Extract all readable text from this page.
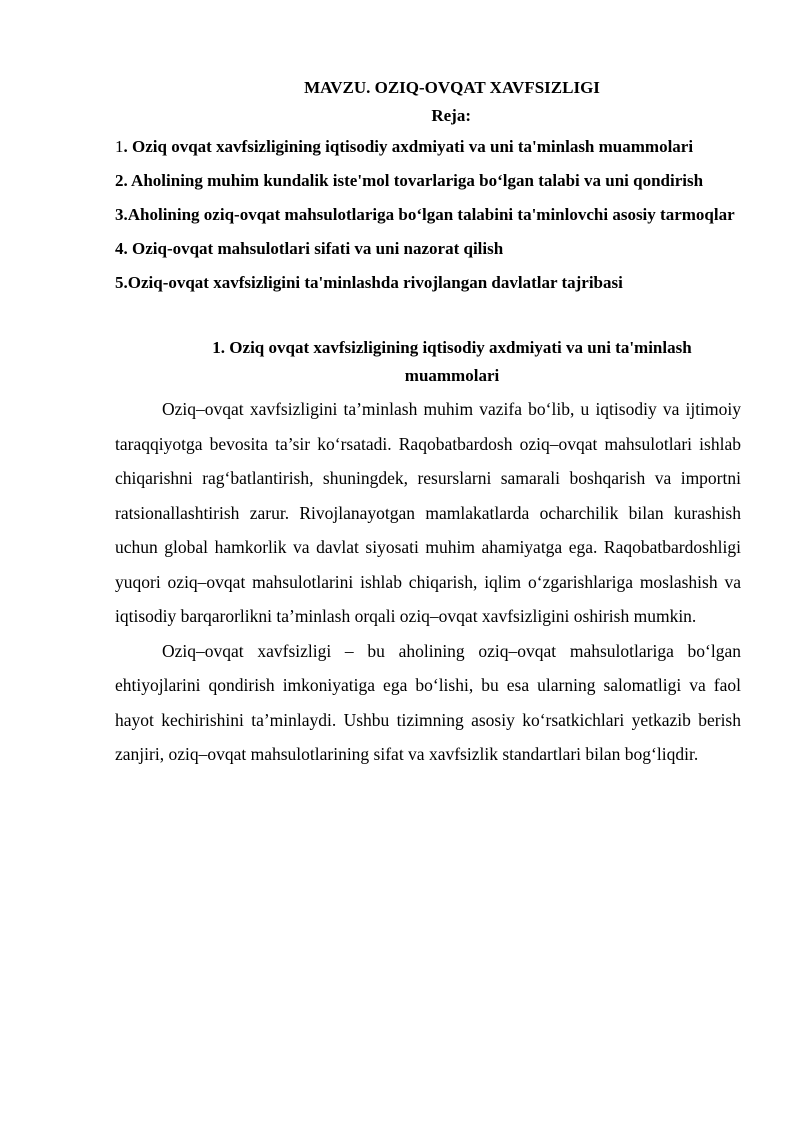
MAVZU. OZIQ-OVQAT XAVFSIZLIGI
Reja:
1. Oziq ovqat xavfsizligining iqtisodiy axdmiyati va uni ta'minlash muammolari
2. Aholining muhim kundalik iste'mol tovarlariga boʻlgan talabi va uni qondirish
3.Aholining oziq-ovqat mahsulotlariga boʻlgan talabini ta'minlovchi asosiy tarmoqlar
4. Oziq-ovqat mahsulotlari sifati va uni nazorat qilish
5.Oziq-ovqat xavfsizligini ta'minlashda rivojlangan davlatlar tajribasi
1. Oziq ovqat xavfsizligining iqtisodiy axdmiyati va uni ta'minlash muammolari

Oziq–ovqat xavfsizligini ta’minlash muhim vazifa bo‘lib, u iqtisodiy va ijtimoiy taraqqiyotga bevosita ta’sir ko‘rsatadi. Raqobatbardosh oziq–ovqat mahsulotlari ishlab chiqarishni rag‘batlantirish, shuningdek, resurslarni samarali boshqarish va importni ratsionallashtirish zarur. Rivojlanayotgan mamlakatlarda ocharchilik bilan kurashish uchun global hamkorlik va davlat siyosati muhim ahamiyatga ega. Raqobatbardoshligi yuqori oziq–ovqat mahsulotlarini ishlab chiqarish, iqlim o‘zgarishlariga moslashish va iqtisodiy barqarorlikni ta’minlash orqali oziq–ovqat xavfsizligini oshirish mumkin.

Oziq–ovqat xavfsizligi – bu aholining oziq–ovqat mahsulotlariga bo‘lgan ehtiyojlarini qondirish imkoniyatiga ega bo‘lishi, bu esa ularning salomatligi va faol hayot kechirishini ta’minlaydi. Ushbu tizimning asosiy ko‘rsatkichlari yetkazib berish zanjiri, oziq–ovqat mahsulotlarining sifat va xavfsizlik standartlari bilan bog‘liqdir.
